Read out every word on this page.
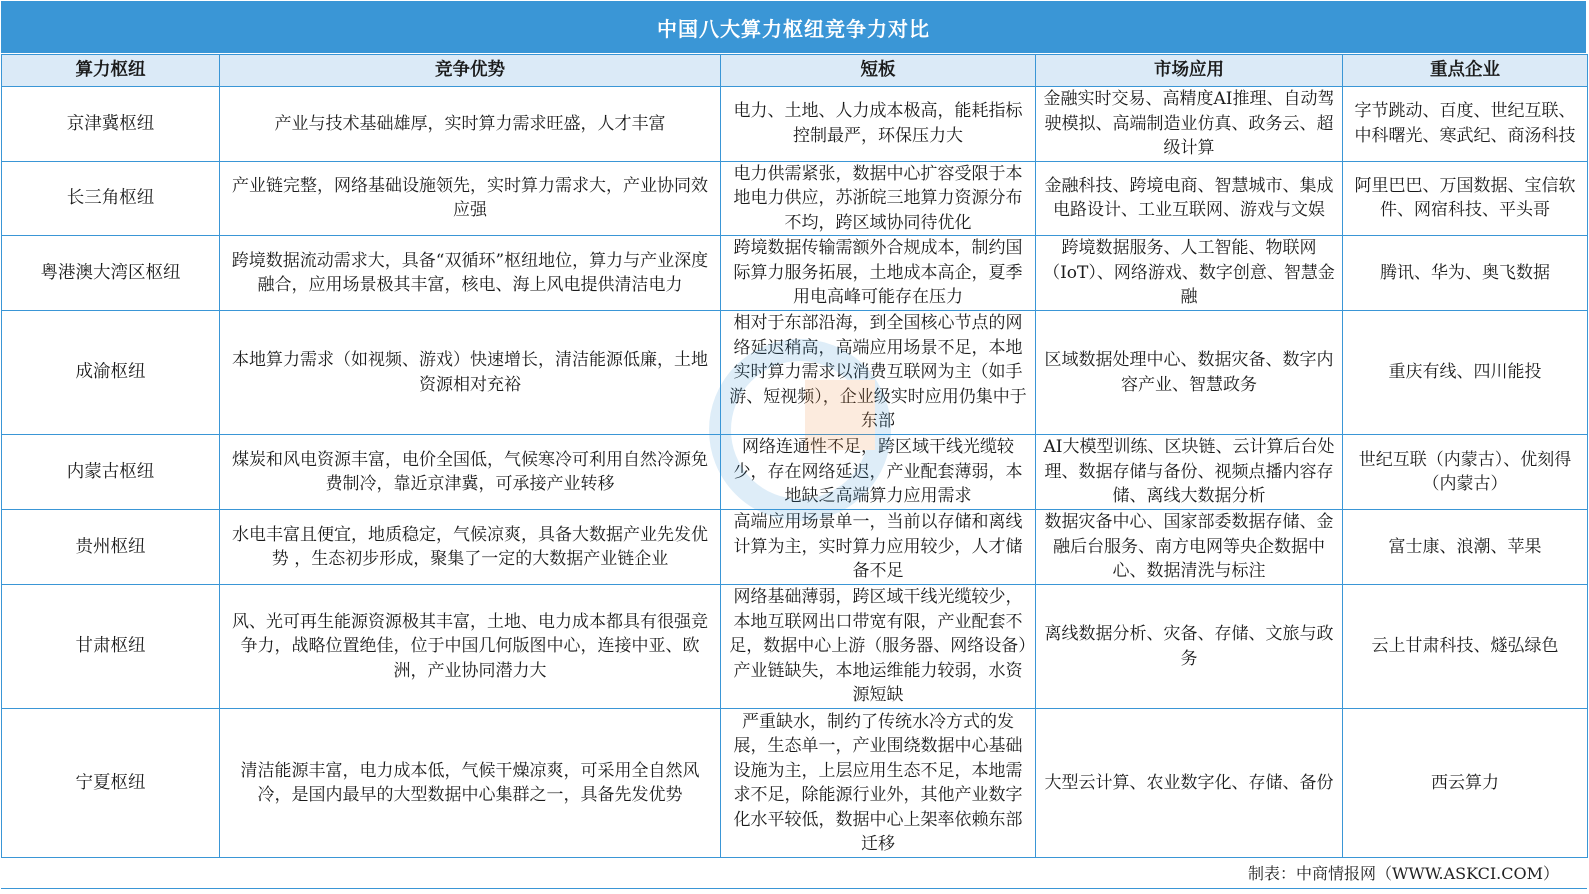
中国八大算力枢纽竞争力对比
算力枢纽	竞争优势	短板	市场应用	重点企业
京津冀枢纽	产业与技术基础雄厚，实时算力需求旺盛，人才丰富	电力、土地、人力成本极高，能耗指标控制最严，环保压力大	金融实时交易、高精度AI推理、自动驾驶模拟、高端制造业仿真、政务云、超级计算	字节跳动、百度、世纪互联、中科曙光、寒武纪、商汤科技
长三角枢纽	产业链完整，网络基础设施领先，实时算力需求大，产业协同效应强	电力供需紧张，数据中心扩容受限于本地电力供应，苏浙皖三地算力资源分布不均，跨区域协同待优化	金融科技、跨境电商、智慧城市、集成电路设计、工业互联网、游戏与文娱	阿里巴巴、万国数据、宝信软件、网宿科技、平头哥
粤港澳大湾区枢纽	跨境数据流动需求大，具备“双循环”枢纽地位，算力与产业深度融合，应用场景极其丰富，核电、海上风电提供清洁电力	跨境数据传输需额外合规成本，制约国际算力服务拓展，土地成本高企，夏季用电高峰可能存在压力	跨境数据服务、人工智能、物联网（IoT）、网络游戏、数字创意、智慧金融	腾讯、华为、奥飞数据
成渝枢纽	本地算力需求（如视频、游戏）快速增长，清洁能源低廉，土地资源相对充裕	相对于东部沿海，到全国核心节点的网络延迟稍高，高端应用场景不足，本地实时算力需求以消费互联网为主（如手游、短视频），企业级实时应用仍集中于东部	区域数据处理中心、数据灾备、数字内容产业、智慧政务	重庆有线、四川能投
内蒙古枢纽	煤炭和风电资源丰富，电价全国低，气候寒冷可利用自然冷源免费制冷，靠近京津冀，可承接产业转移	网络连通性不足，跨区域干线光缆较少，存在网络延迟，产业配套薄弱，本地缺乏高端算力应用需求	AI大模型训练、区块链、云计算后台处理、数据存储与备份、视频点播内容存储、离线大数据分析	世纪互联（内蒙古）、优刻得（内蒙古）
贵州枢纽	水电丰富且便宜，地质稳定，气候凉爽，具备大数据产业先发优势 ，生态初步形成，聚集了一定的大数据产业链企业	高端应用场景单一，当前以存储和离线计算为主，实时算力应用较少，人才储备不足	数据灾备中心、国家部委数据存储、金融后台服务、南方电网等央企数据中心、数据清洗与标注	富士康、浪潮、苹果
甘肃枢纽	风、光可再生能源资源极其丰富，土地、电力成本都具有很强竞争力，战略位置绝佳，位于中国几何版图中心，连接中亚、欧洲，产业协同潜力大	网络基础薄弱，跨区域干线光缆较少，本地互联网出口带宽有限，产业配套不足，数据中心上游（服务器、网络设备）产业链缺失，本地运维能力较弱，水资源短缺	离线数据分析、灾备、存储、文旅与政务	云上甘肃科技、燧弘绿色
宁夏枢纽	清洁能源丰富，电力成本低，气候干燥凉爽，可采用全自然风冷，是国内最早的大型数据中心集群之一，具备先发优势	严重缺水，制约了传统水冷方式的发展，生态单一，产业围绕数据中心基础设施为主，上层应用生态不足，本地需求不足，除能源行业外，其他产业数字化水平较低，数据中心上架率依赖东部迁移	大型云计算、农业数字化、存储、备份	西云算力
制表：中商情报网（WWW.ASKCI.COM）
